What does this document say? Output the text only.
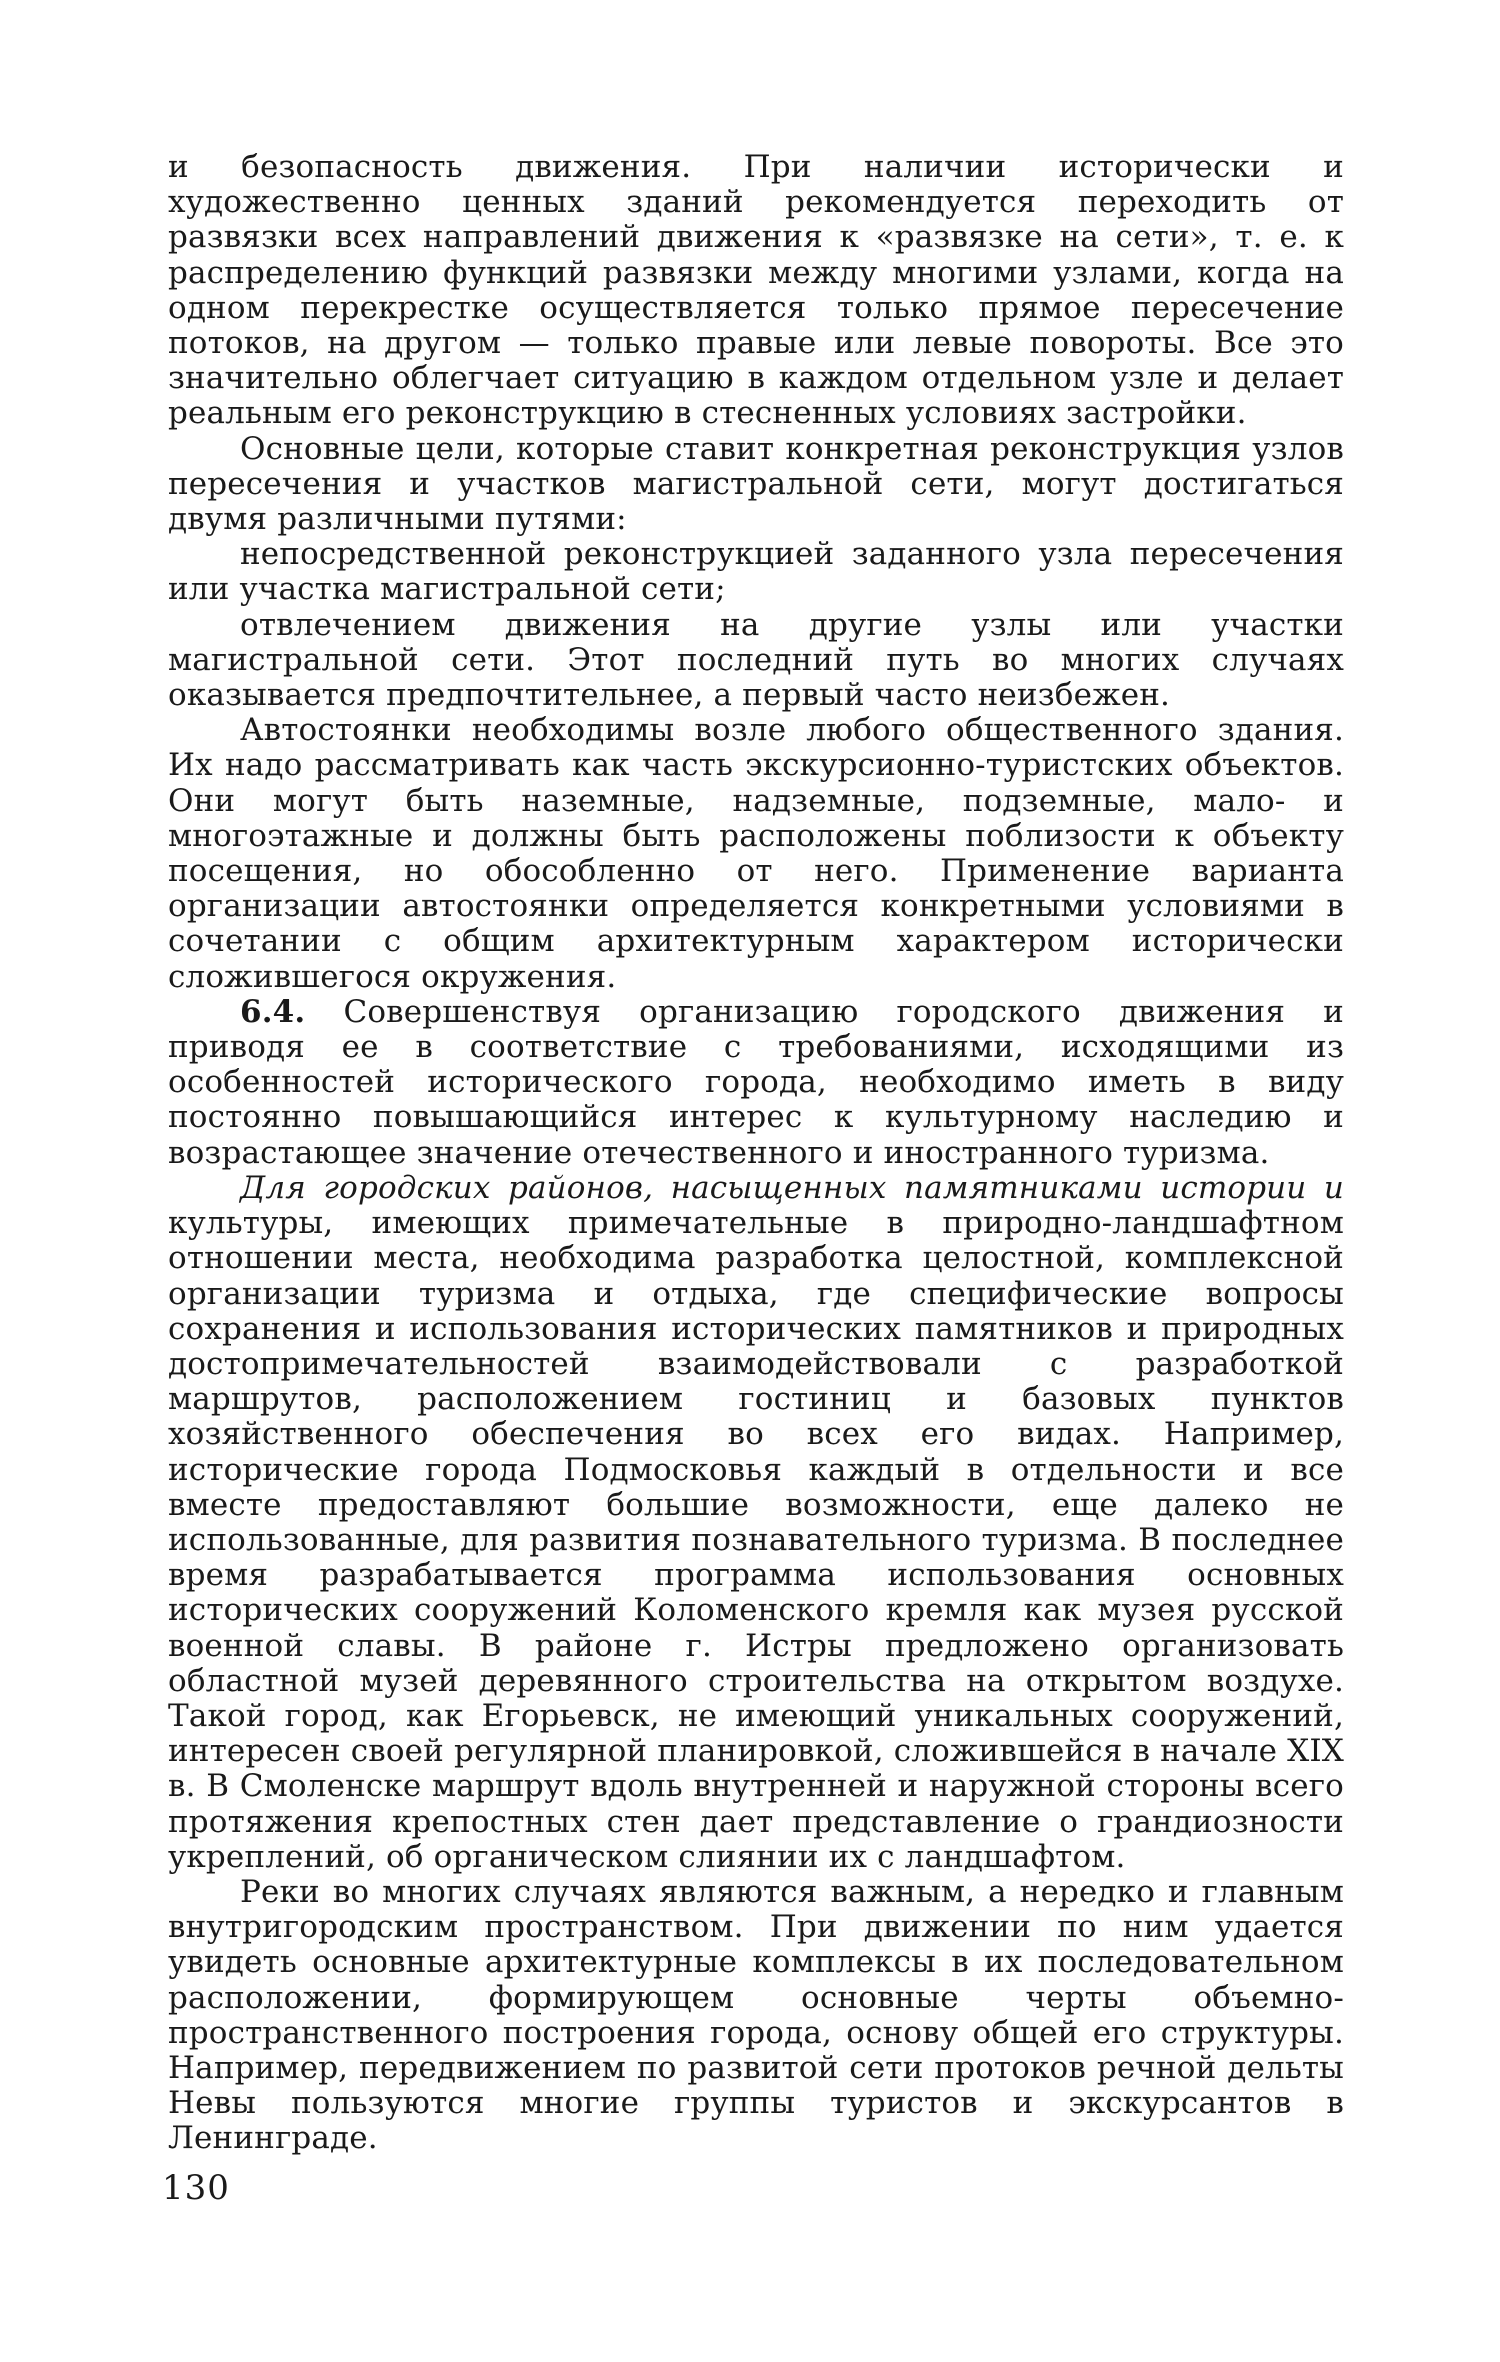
и безопасность движения. При наличии исторически и художественно ценных зданий рекомендуется переходить от развязки всех направлений движения к «развязке на сети», т. е. к распределению функций развязки между многими узлами, когда на одном перекрестке осуществляется только прямое пересечение потоков, на другом — только правые или левые повороты. Все это значительно облегчает ситуацию в каждом отдельном узле и делает реальным его реконструкцию в стесненных условиях застройки.

Основные цели, которые ставит конкретная реконструкция узлов пересечения и участков магистральной сети, могут достигаться двумя различными путями:

непосредственной реконструкцией заданного узла пересечения или участка магистральной сети;

отвлечением движения на другие узлы или участки магистральной сети. Этот последний путь во многих случаях оказывается предпочтительнее, а первый часто неизбежен.

Автостоянки необходимы возле любого общественного здания. Их надо рассматривать как часть экскурсионно-туристских объектов. Они могут быть наземные, надземные, подземные, мало- и многоэтажные и должны быть расположены поблизости к объекту посещения, но обособленно от него. Применение варианта организации автостоянки определяется конкретными условиями в сочетании с общим архитектурным характером исторически сложившегося окружения.

6.4. Совершенствуя организацию городского движения и приводя ее в соответствие с требованиями, исходящими из особенностей исторического города, необходимо иметь в виду постоянно повышающийся интерес к культурному наследию и возрастающее значение отечественного и иностранного туризма.

Для городских районов, насыщенных памятниками истории и культуры, имеющих примечательные в природно-ландшафтном отношении места, необходима разработка целостной, комплексной организации туризма и отдыха, где специфические вопросы сохранения и использования исторических памятников и природных достопримечательностей взаимодействовали с разработкой маршрутов, расположением гостиниц и базовых пунктов хозяйственного обеспечения во всех его видах. Например, исторические города Подмосковья каждый в отдельности и все вместе предоставляют большие возможности, еще далеко не использованные, для развития познавательного туризма. В последнее время разрабатывается программа использования основных исторических сооружений Коломенского кремля как музея русской военной славы. В районе г. Истры предложено организовать областной музей деревянного строительства на открытом воздухе. Такой город, как Егорьевск, не имеющий уникальных сооружений, интересен своей регулярной планировкой, сложившейся в начале XIX в. В Смоленске маршрут вдоль внутренней и наружной стороны всего протяжения крепостных стен дает представление о грандиозности укреплений, об органическом слиянии их с ландшафтом.

Реки во многих случаях являются важным, а нередко и главным внутригородским пространством. При движении по ним удается увидеть основные архитектурные комплексы в их последовательном расположении, формирующем основные черты объемно-пространственного построения города, основу общей его структуры. Например, передвижением по развитой сети протоков речной дельты Невы пользуются многие группы туристов и экскурсантов в Ленинграде.

130
